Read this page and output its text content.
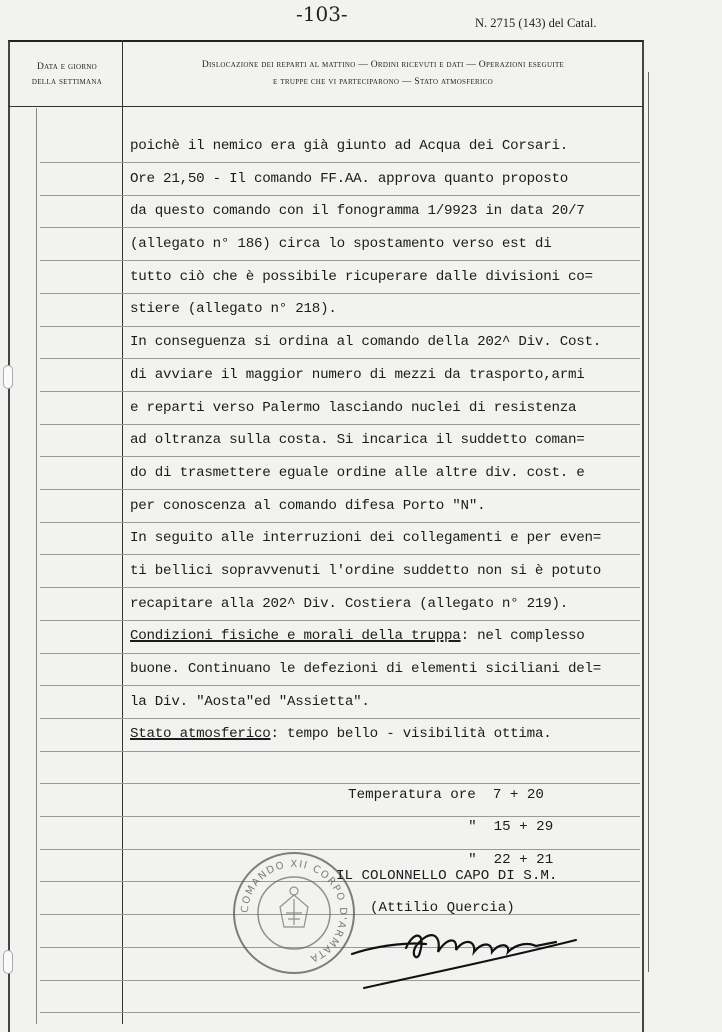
-103-	N. 2715 (143) del Catal.
Data e giorno
della settimana
Dislocazione dei reparti al mattino — Ordini ricevuti e dati — Operazioni eseguite
e truppe che vi parteciparono — Stato atmosferico
poichè il nemico era già giunto ad Acqua dei Corsari.
Ore 21,50 - Il comando FF.AA. approva quanto proposto
da questo comando con il fonogramma 1/9923 in data 20/7
(allegato n° 186) circa lo spostamento verso est di
tutto ciò che è possibile ricuperare dalle divisioni co=
stiere (allegato n° 218).
In conseguenza si ordina al comando della 202^ Div. Cost.
di avviare il maggior numero di mezzi da trasporto,armi
e reparti verso Palermo lasciando nuclei di resistenza
ad oltranza sulla costa. Si incarica il suddetto coman=
do di trasmettere eguale ordine alle altre div. cost. e
per conoscenza al comando difesa Porto "N".
In seguito alle interruzioni dei collegamenti e per even=
ti bellici sopravvenuti l'ordine suddetto non si è potuto
recapitare alla 202^ Div. Costiera (allegato n° 219).
Condizioni fisiche e morali della truppa: nel complesso
buone. Continuano le defezioni di elementi siciliani del=
la Div. "Aosta"ed "Assietta".
Stato atmosferico: tempo bello - visibilità ottima.

Temperatura ore 7 + 20

" 15 + 29

" 22 + 21

COMANDO XII CORPO D'ARMATA
IL COLONNELLO CAPO DI S.M.
(Attilio Quercia)
